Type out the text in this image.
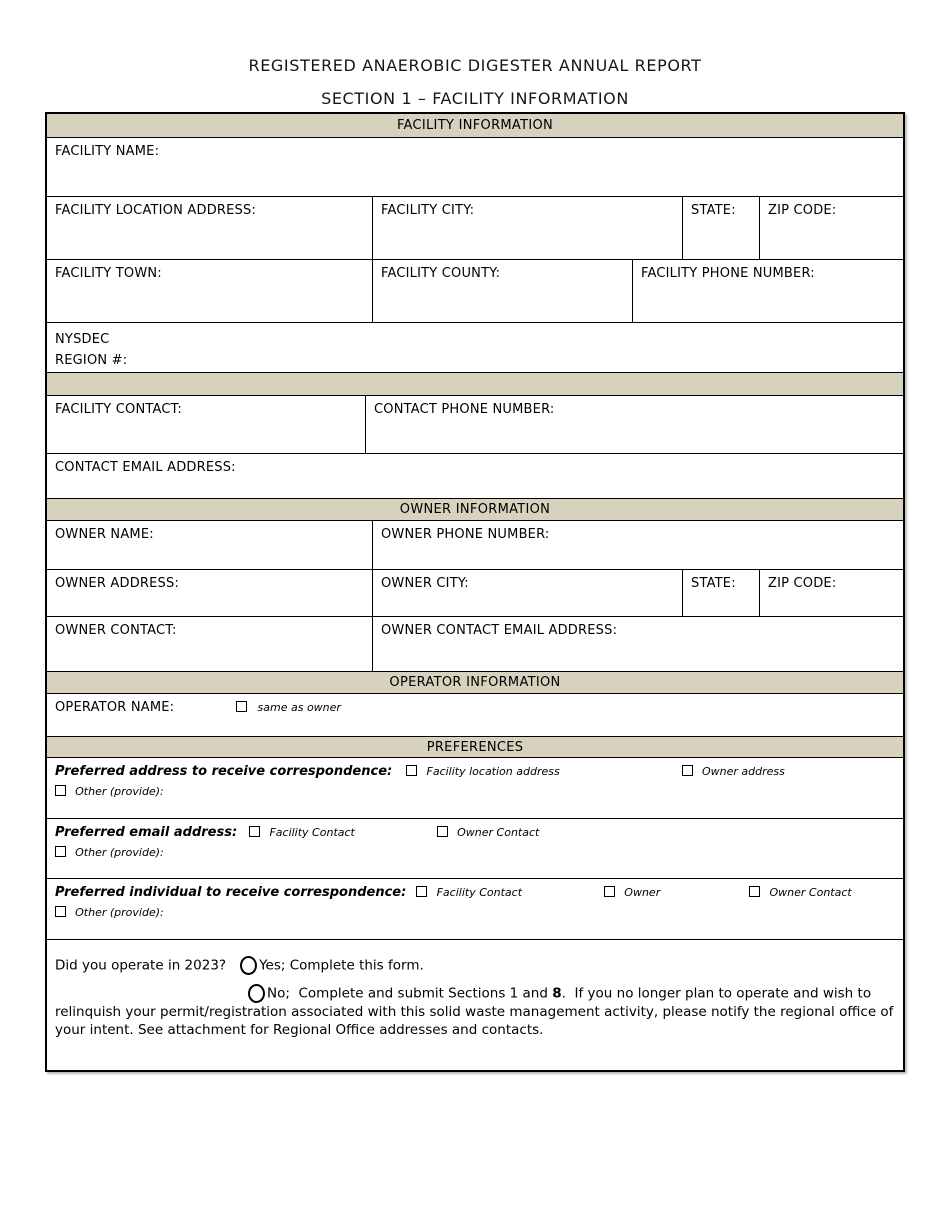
REGISTERED ANAEROBIC DIGESTER ANNUAL REPORT
SECTION 1 – FACILITY INFORMATION
FACILITY INFORMATION
FACILITY NAME:
FACILITY LOCATION ADDRESS:	FACILITY CITY:	STATE:	ZIP CODE:
FACILITY TOWN:	FACILITY COUNTY:	FACILITY PHONE NUMBER:
NYSDEC
REGION #:
FACILITY CONTACT:	CONTACT PHONE NUMBER:
CONTACT EMAIL ADDRESS:
OWNER INFORMATION
OWNER NAME:	OWNER PHONE NUMBER:
OWNER ADDRESS:	OWNER CITY:	STATE:	ZIP CODE:
OWNER CONTACT:	OWNER CONTACT EMAIL ADDRESS:
OPERATOR INFORMATION
OPERATOR NAME:	same as owner
PREFERENCES
Preferred address to receive correspondence:	Facility location address	Owner address
Other (provide):
Preferred email address:	Facility Contact	Owner Contact
Other (provide):
Preferred individual to receive correspondence:	Facility Contact	Owner	Owner Contact
Other (provide):
Did you operate in 2023? Yes; Complete this form.
No;  Complete and submit Sections 1 and 8.  If you no longer plan to operate and wish to relinquish your permit/registration associated with this solid waste management activity, please notify the regional office of your intent. See attachment for Regional Office addresses and contacts.
